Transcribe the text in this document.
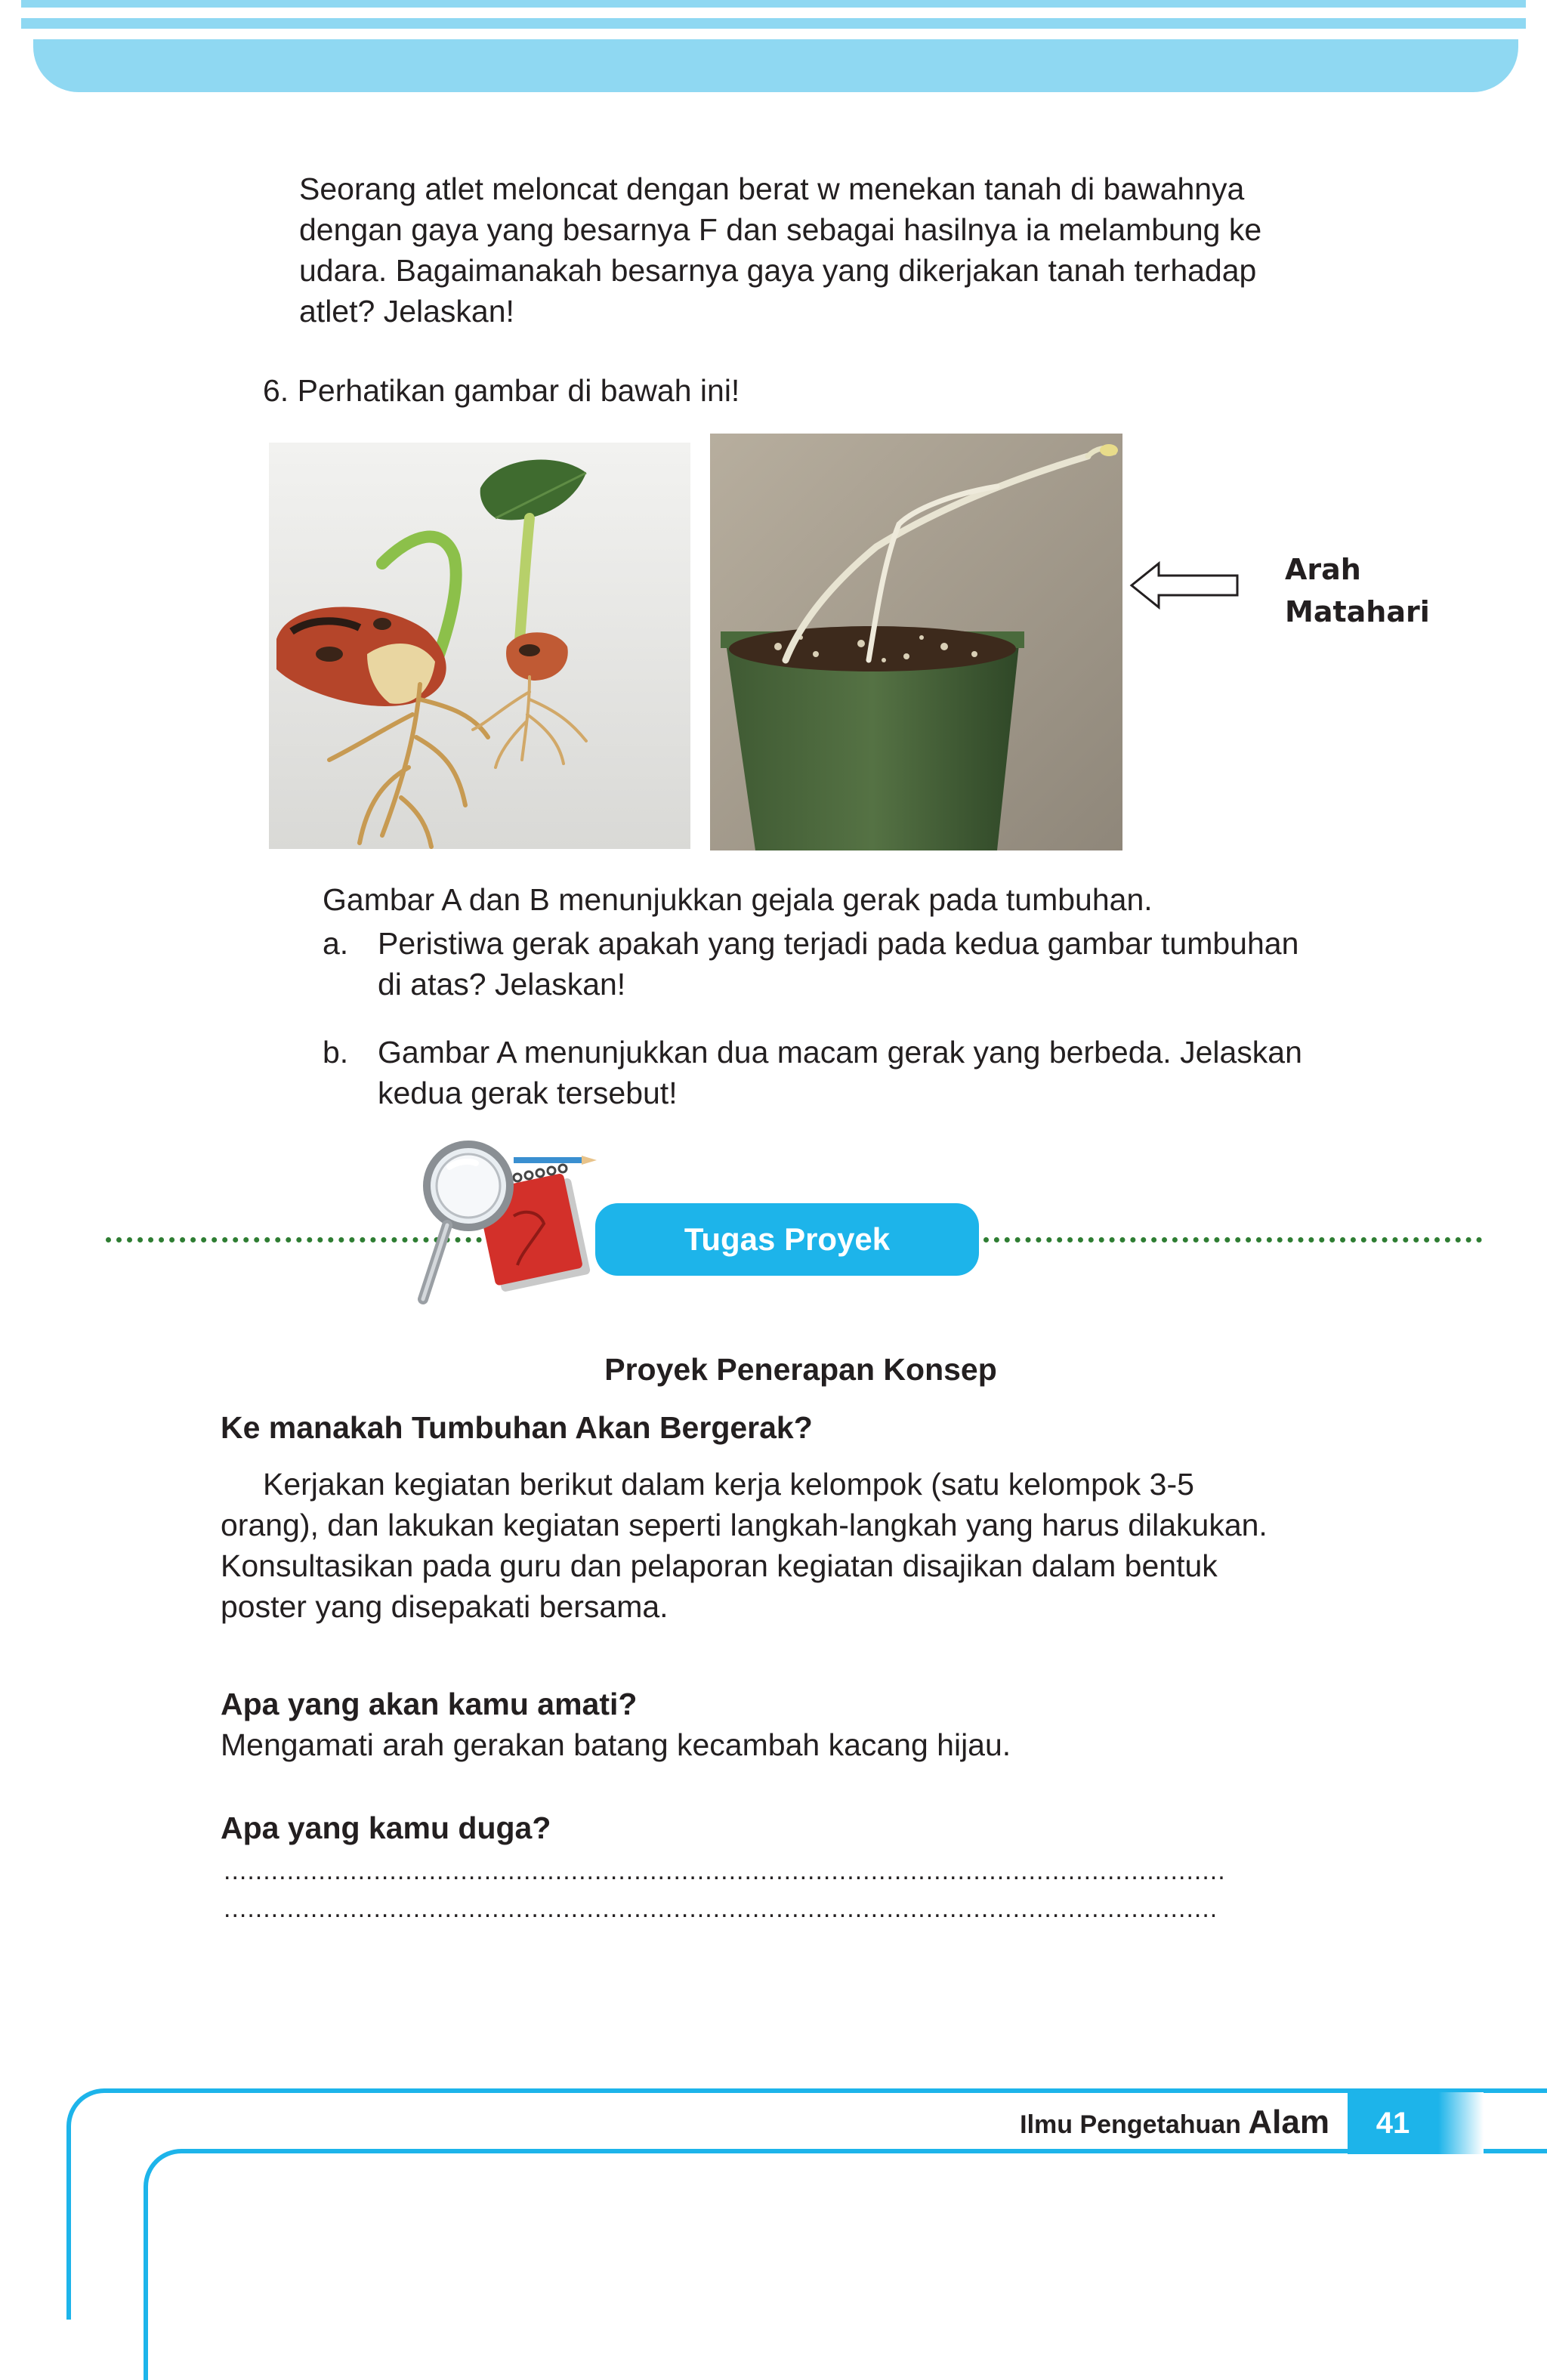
Seorang atlet meloncat dengan berat w menekan tanah di bawahnya
dengan gaya yang besarnya F dan sebagai hasilnya ia melambung ke
udara. Bagaimanakah besarnya gaya yang dikerjakan tanah terhadap
atlet? Jelaskan!
6. Perhatikan gambar di bawah ini!
Arah
Matahari
Gambar A dan B menunjukkan gejala gerak pada tumbuhan.
a. Peristiwa gerak apakah yang terjadi pada kedua gambar tumbuhan
di atas? Jelaskan!
b. Gambar A menunjukkan dua macam gerak yang berbeda. Jelaskan
kedua gerak tersebut!
Tugas Proyek
Proyek Penerapan Konsep
Ke manakah Tumbuhan Akan Bergerak?
Kerjakan kegiatan berikut dalam kerja kelompok (satu kelompok 3-5
orang), dan lakukan kegiatan seperti langkah-langkah yang harus dilakukan.
Konsultasikan pada guru dan pelaporan kegiatan disajikan dalam bentuk
poster yang disepakati bersama.
Apa yang akan kamu amati?
Mengamati arah gerakan batang kecambah kacang hijau.
Apa yang kamu duga?
...............................................................................................................................
..............................................................................................................................
Ilmu Pengetahuan Alam	41
